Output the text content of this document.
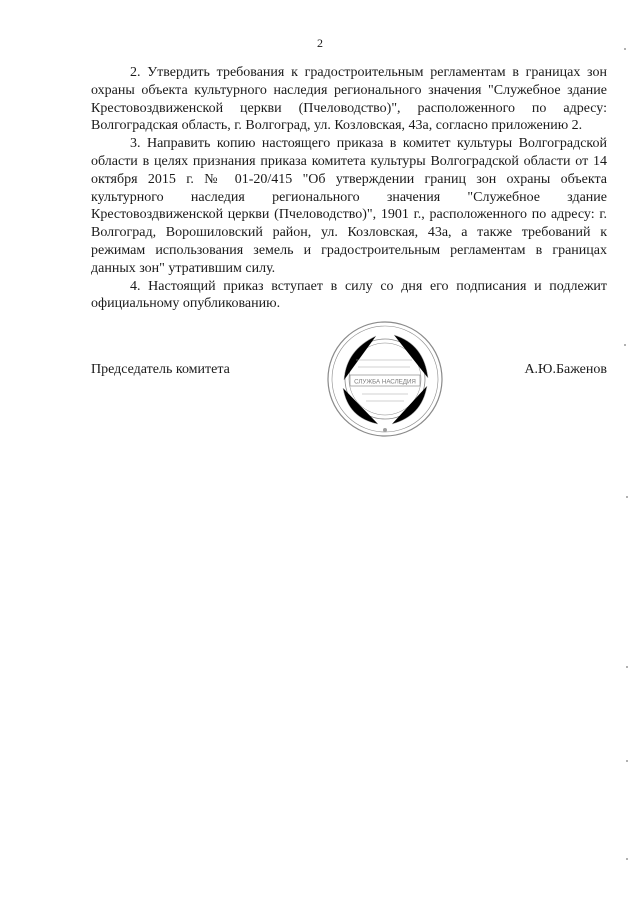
2

2. Утвердить требования к градостроительным регламентам в границах зон охраны объекта культурного наследия регионального значения "Служебное здание Крестовоздвиженской церкви (Пчеловодство)", расположенного по адресу: Волгоградская область, г. Волгоград, ул. Козловская, 43а, согласно приложению 2.

3. Направить копию настоящего приказа в комитет культуры Волгоградской области в целях признания приказа комитета культуры Волгоградской области от 14 октября 2015 г. № 01-20/415 "Об утверждении границ зон охраны объекта культурного наследия регионального значения "Служебное здание Крестовоздвиженской церкви (Пчеловодство)", 1901 г., расположенного по адресу: г. Волгоград, Ворошиловский район, ул. Козловская, 43а, а также требований к режимам использования земель и градостроительным регламентам в границах данных зон" утратившим силу.

4. Настоящий приказ вступает в силу со дня его подписания и подлежит официальному опубликованию.

СЛУЖБА НАСЛЕДИЯ
Председатель комитета	А.Ю.Баженов
